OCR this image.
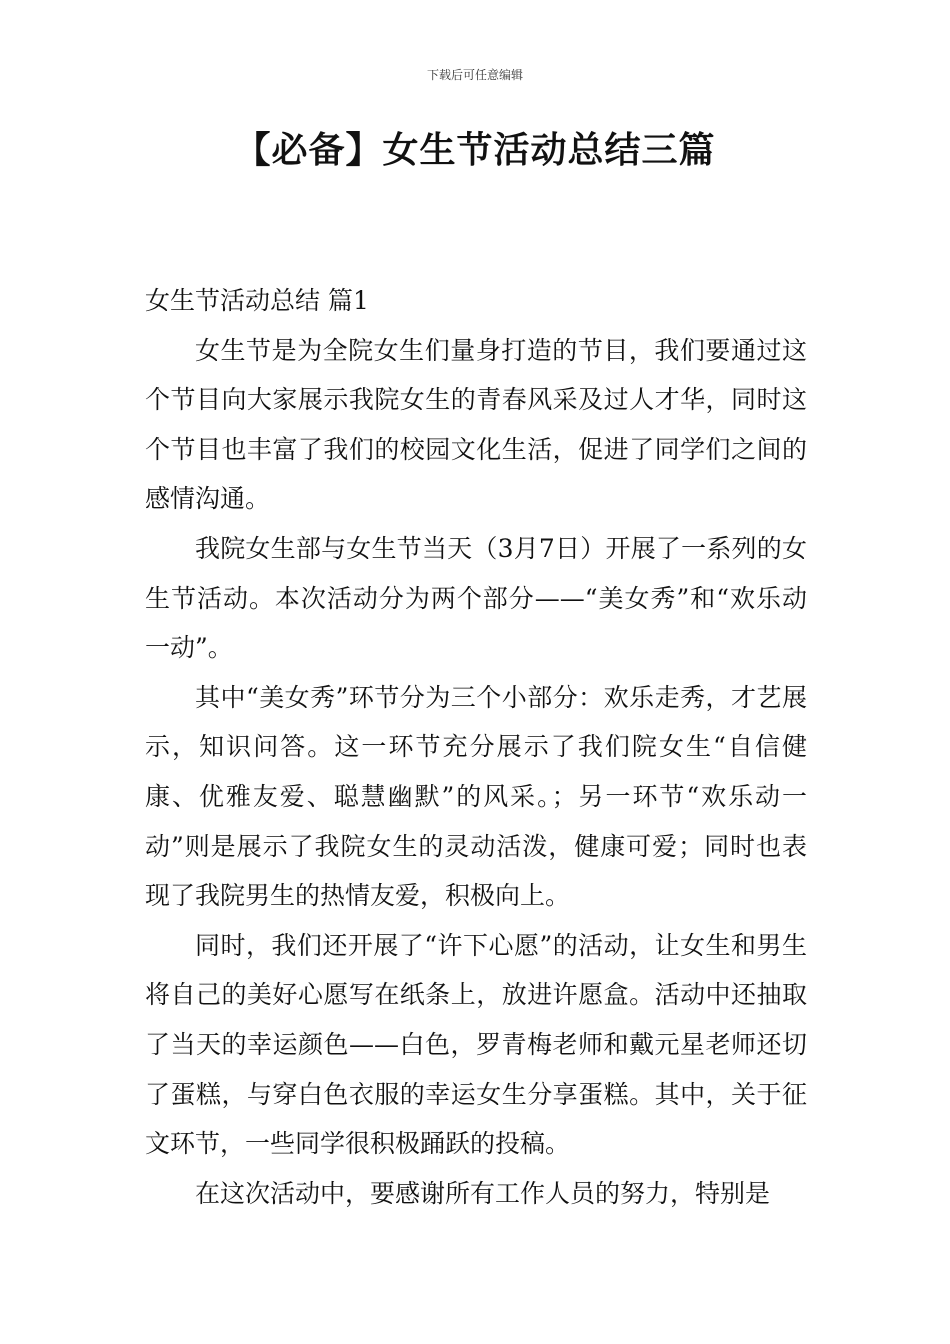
下载后可任意编辑
【必备】女生节活动总结三篇
女生节活动总结 篇1

女生节是为全院女生们量身打造的节目，我们要通过这个节目向大家展示我院女生的青春风采及过人才华，同时这个节目也丰富了我们的校园文化生活，促进了同学们之间的感情沟通。

我院女生部与女生节当天（3月7日）开展了一系列的女生节活动。本次活动分为两个部分——“美女秀”和“欢乐动一动”。

其中“美女秀”环节分为三个小部分：欢乐走秀，才艺展示，知识问答。这一环节充分展示了我们院女生“自信健康、优雅友爱、聪慧幽默”的风采。；另一环节“欢乐动一动”则是展示了我院女生的灵动活泼，健康可爱；同时也表现了我院男生的热情友爱，积极向上。

同时，我们还开展了“许下心愿”的活动，让女生和男生将自己的美好心愿写在纸条上，放进许愿盒。活动中还抽取了当天的幸运颜色——白色，罗青梅老师和戴元星老师还切了蛋糕，与穿白色衣服的幸运女生分享蛋糕。其中，关于征文环节，一些同学很积极踊跃的投稿。

在这次活动中，要感谢所有工作人员的努力，特别是
